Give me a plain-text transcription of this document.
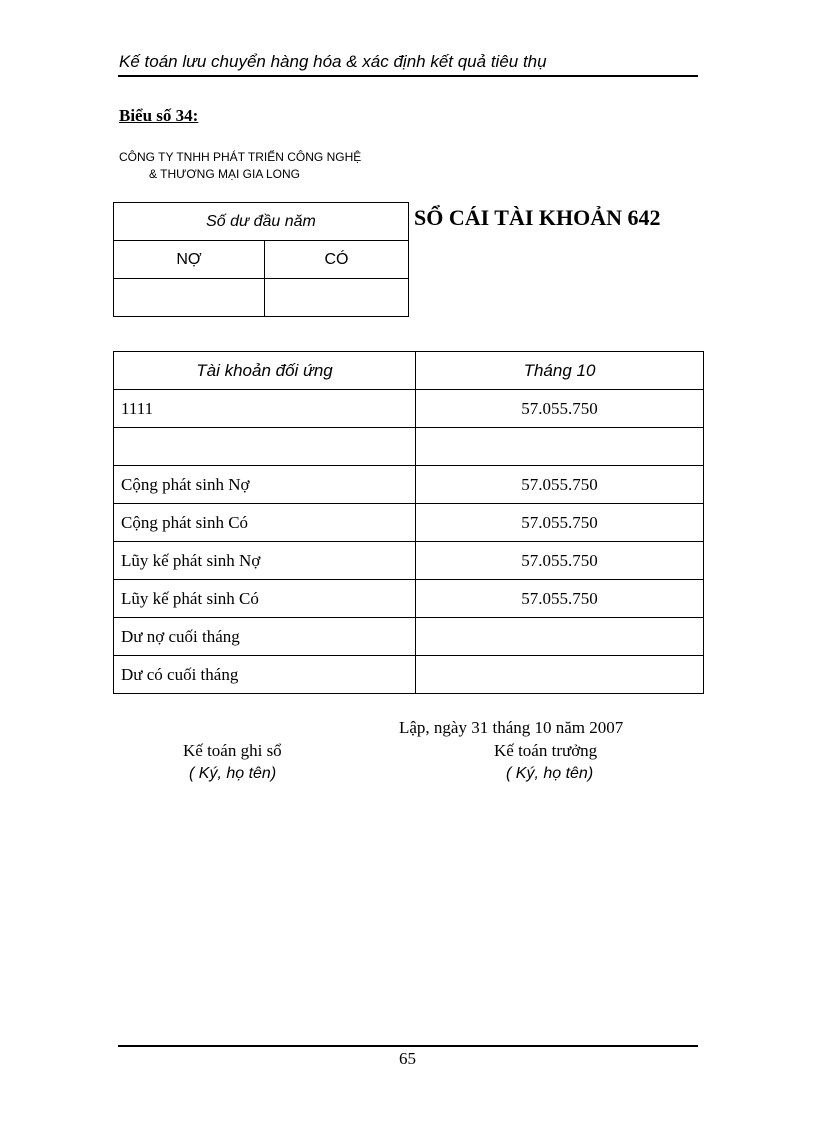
Kế toán lưu chuyển hàng hóa & xác định kết quả tiêu thụ
Biểu số 34:
CÔNG TY TNHH PHÁT TRIỂN CÔNG NGHỆ
& THƯƠNG MẠI GIA LONG
SỔ CÁI TÀI KHOẢN 642
Số dư đầu năm	
NỢ	CÓ

Tài khoản đối ứng	Tháng 10
1111	57.055.750

Cộng phát sinh Nợ	57.055.750
Cộng phát sinh Có	57.055.750
Lũy kế phát sinh Nợ	57.055.750
Lũy kế phát sinh Có	57.055.750
Dư nợ cuối tháng	
Dư có cuối tháng	
Lập, ngày 31 tháng 10 năm 2007
Kế toán ghi sổ
( Ký, họ tên)
Kế toán trưởng
( Ký, họ tên)
65
